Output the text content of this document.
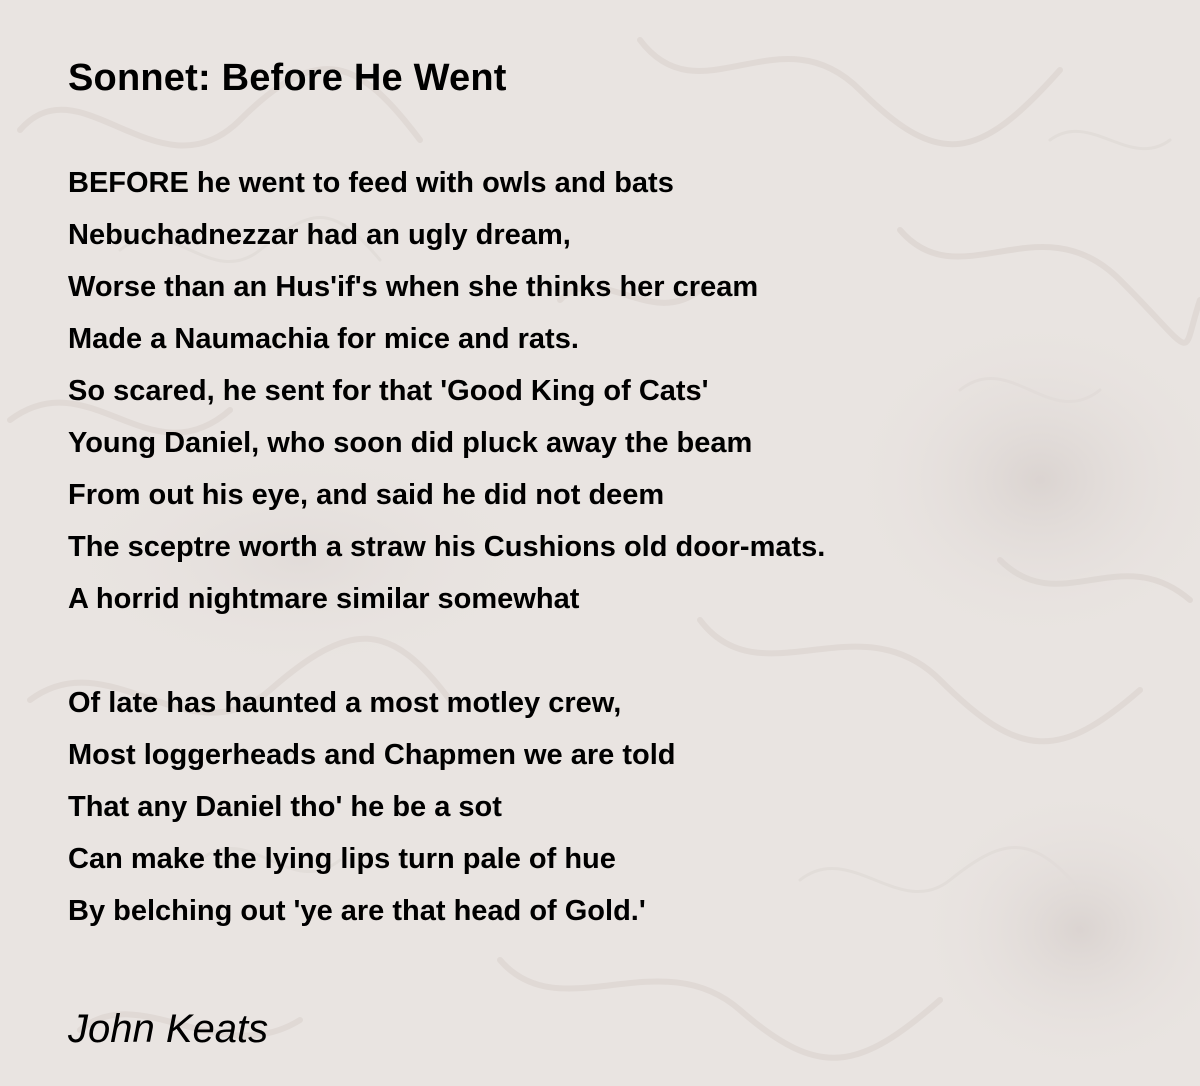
Sonnet: Before He Went
BEFORE he went to feed with owls and bats
Nebuchadnezzar had an ugly dream,
Worse than an Hus'if's when she thinks her cream
Made a Naumachia for mice and rats.
So scared, he sent for that 'Good King of Cats'
Young Daniel, who soon did pluck away the beam
From out his eye, and said he did not deem
The sceptre worth a straw his Cushions old door-mats.
A horrid nightmare similar somewhat
Of late has haunted a most motley crew,
Most loggerheads and Chapmen we are told
That any Daniel tho' he be a sot
Can make the lying lips turn pale of hue
By belching out 'ye are that head of Gold.'
John Keats
